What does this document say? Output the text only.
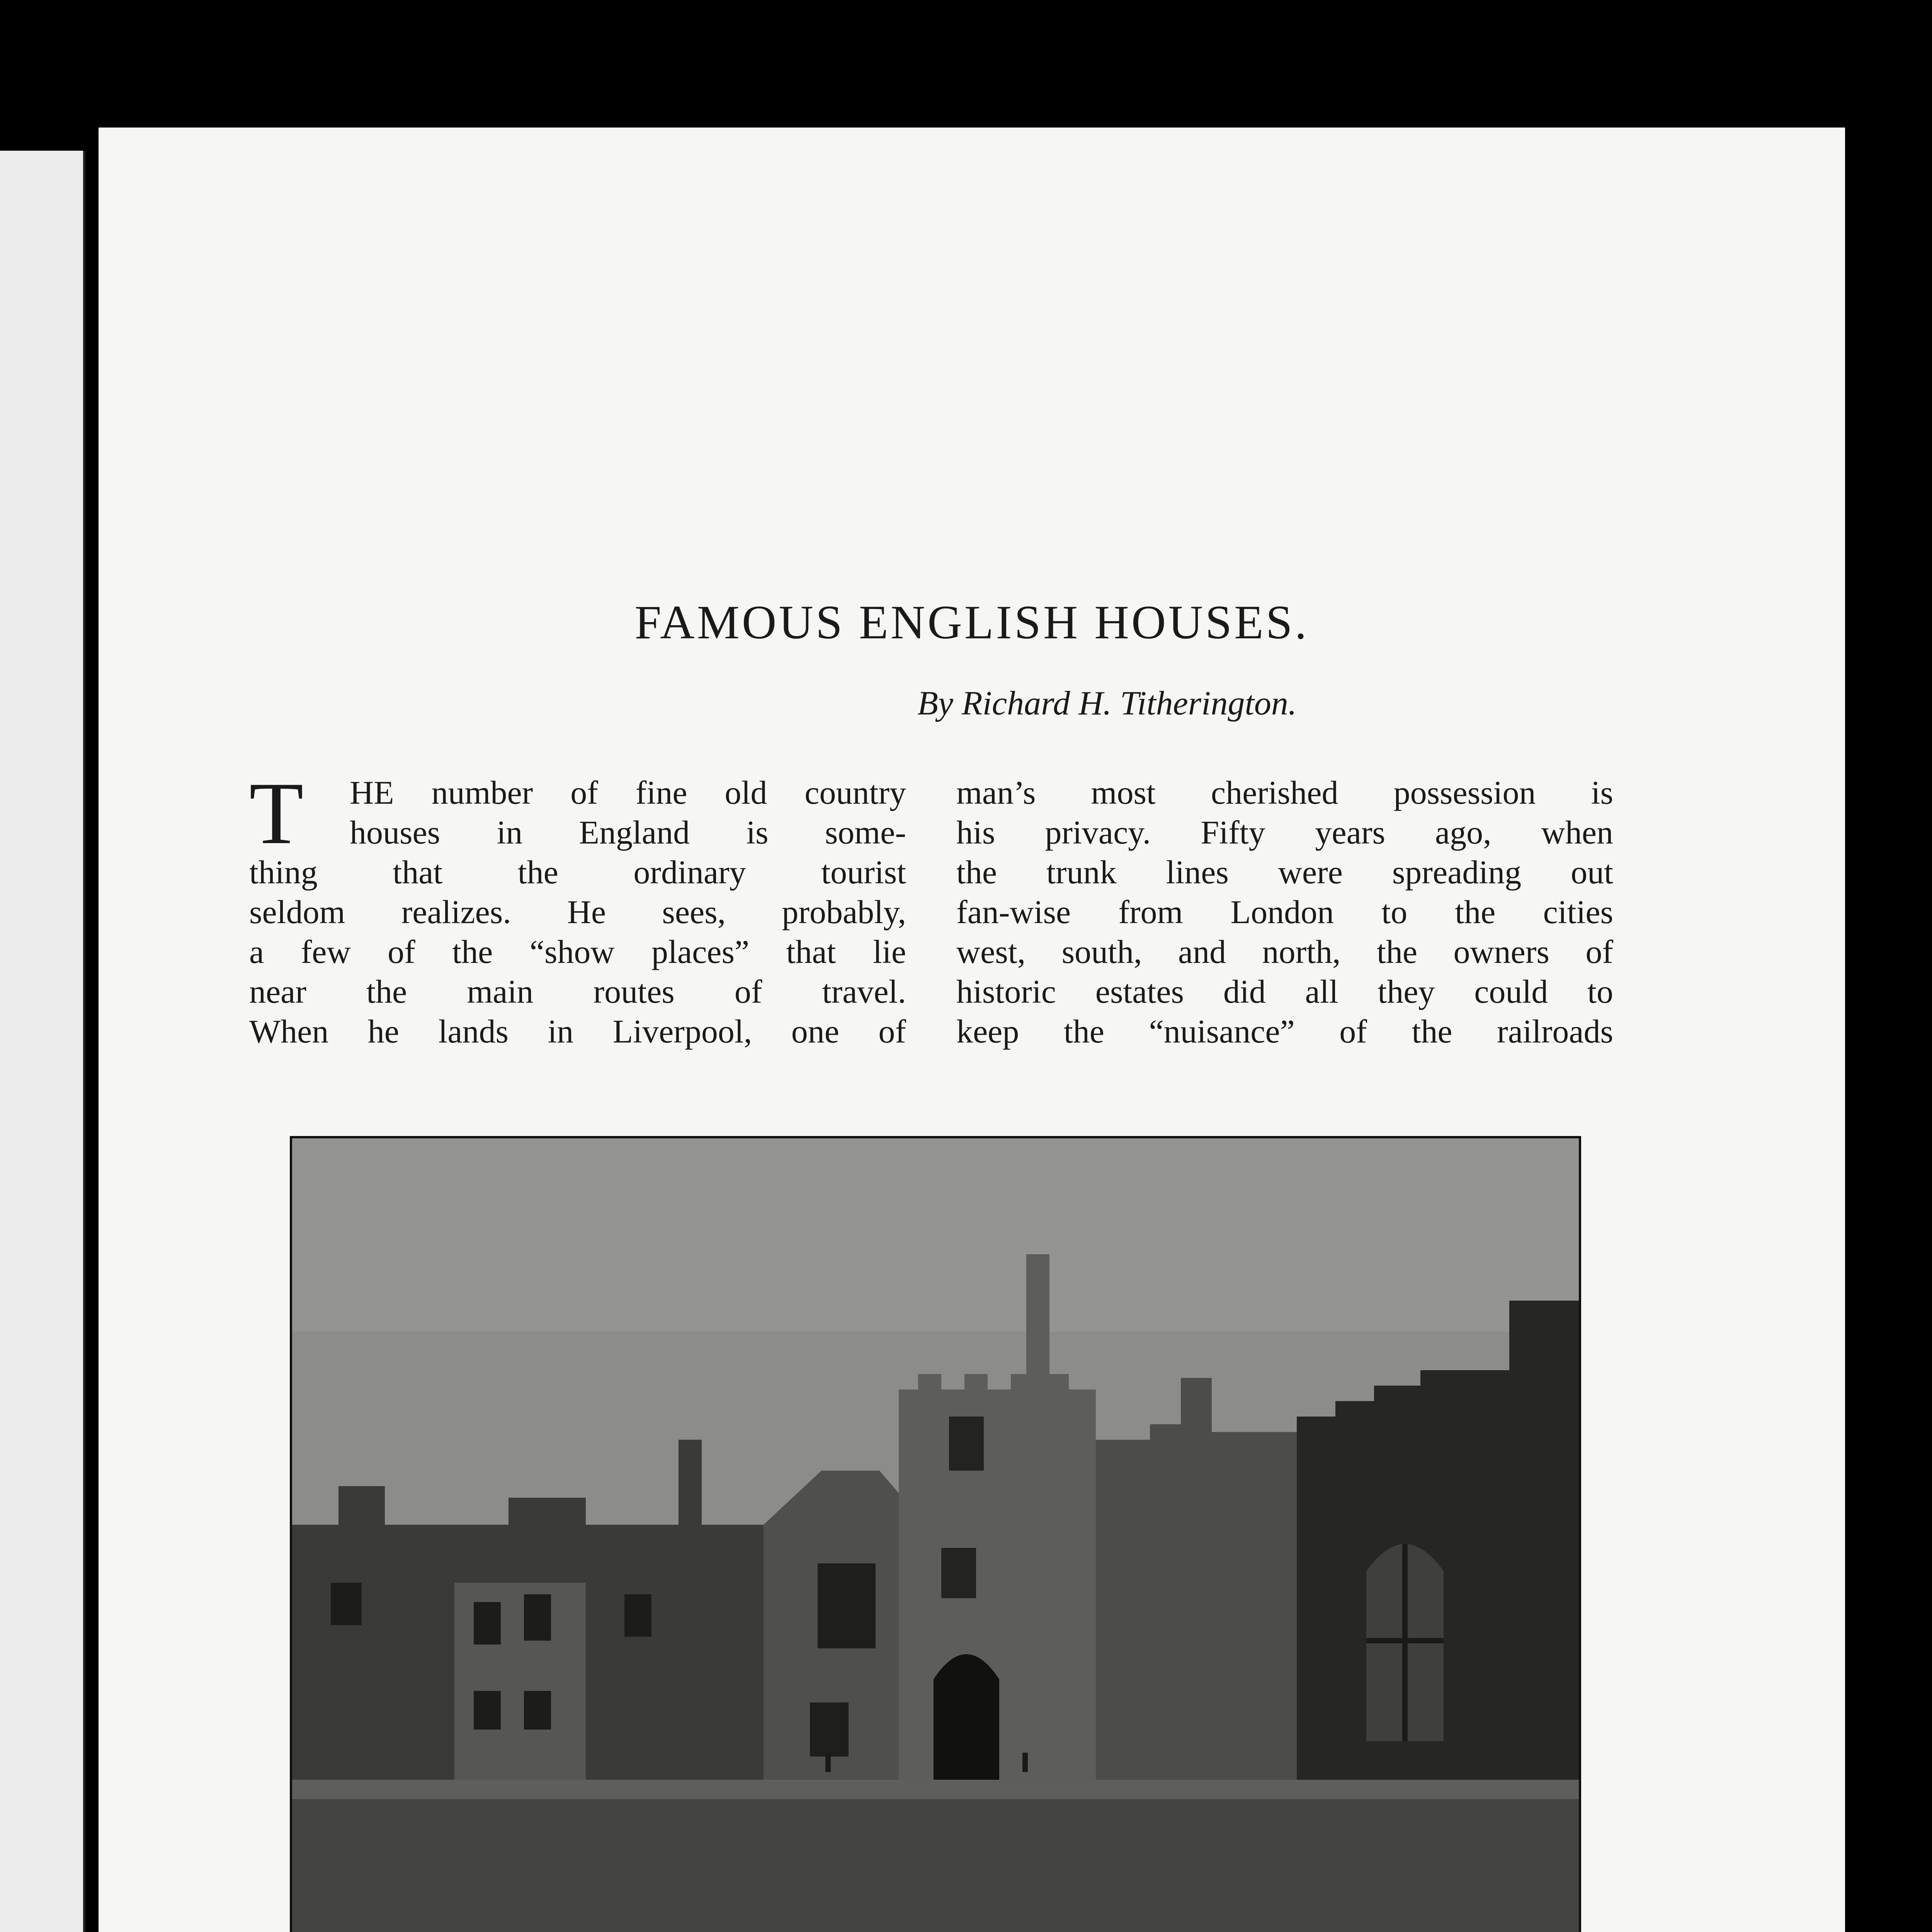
FAMOUS ENGLISH HOUSES.
By Richard H. Titherington.
T	HE number of fine old country
houses in England is some-
thing that the ordinary tourist
seldom realizes. He sees, probably,
a few of the “show places” that lie
near the main routes of travel.
When he lands in Liverpool, one of
man’s most cherished possession is
his privacy. Fifty years ago, when
the trunk lines were spreading out
fan-wise from London to the cities
west, south, and north, the owners of
historic estates did all they could to
keep the “nuisance” of the railroads
